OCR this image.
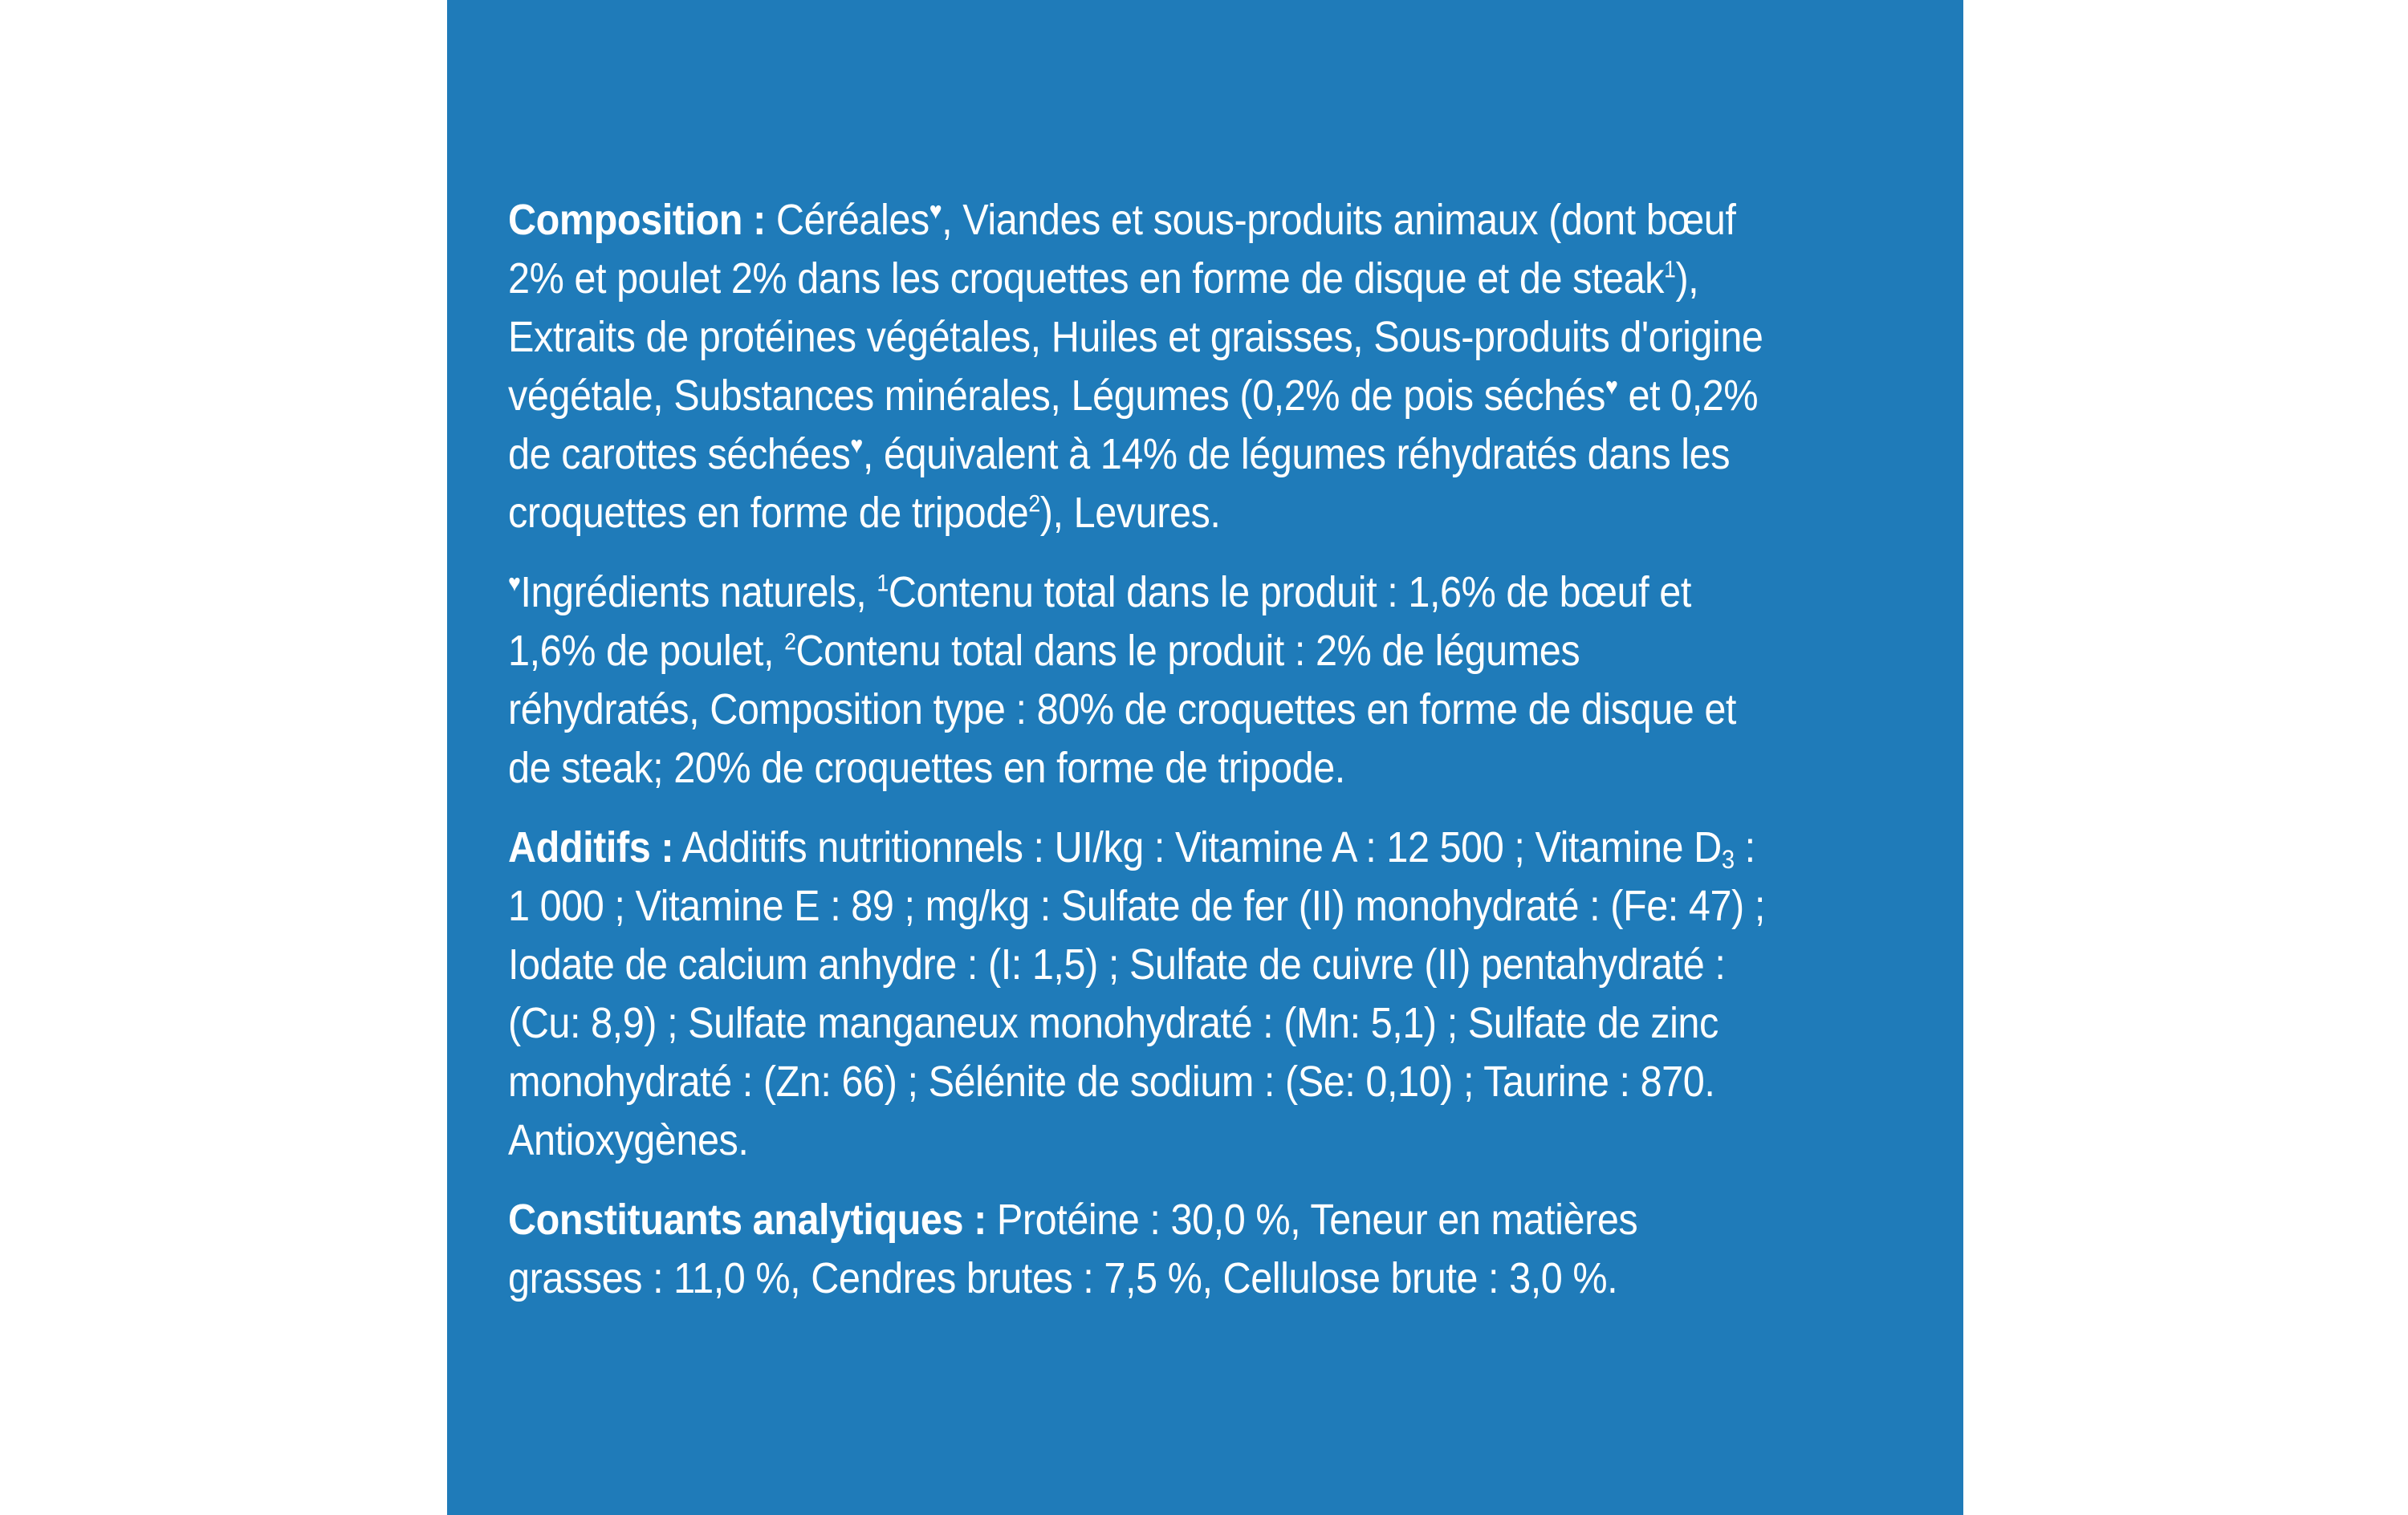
Composition : Céréales♥, Viandes et sous-produits animaux (dont bœuf 2% et poulet 2% dans les croquettes en forme de disque et de steak$^1$), Extraits de protéines végétales, Huiles et graisses, Sous-produits d'origine végétale, Substances minérales, Légumes (0,2% de pois séchés♥ et 0,2% de carottes séchées♥, équivalent à 14% de légumes réhydratés dans les croquettes en forme de tripode$^2$), Levures.

♥Ingrédients naturels, $^1$Contenu total dans le produit : 1,6% de bœuf et 1,6% de poulet, $^2$Contenu total dans le produit : 2% de légumes réhydratés, Composition type : 80% de croquettes en forme de disque et de steak; 20% de croquettes en forme de tripode.

Additifs : Additifs nutritionnels : UI/kg : Vitamine A : 12 500 ; Vitamine $D_3$ : 1 000 ; Vitamine E : 89 ; mg/kg : Sulfate de fer (II) monohydraté : (Fe: 47) ; Iodate de calcium anhydre : (I: 1,5) ; Sulfate de cuivre (II) pentahydraté : (Cu: 8,9) ; Sulfate manganeux monohydraté : (Mn: 5,1) ; Sulfate de zinc monohydraté : (Zn: 66) ; Sélénite de sodium : (Se: 0,10) ; Taurine : 870. Antioxygènes.

Constituants analytiques : Protéine : 30,0 %, Teneur en matières grasses : 11,0 %, Cendres brutes : 7,5 %, Cellulose brute : 3,0 %.
